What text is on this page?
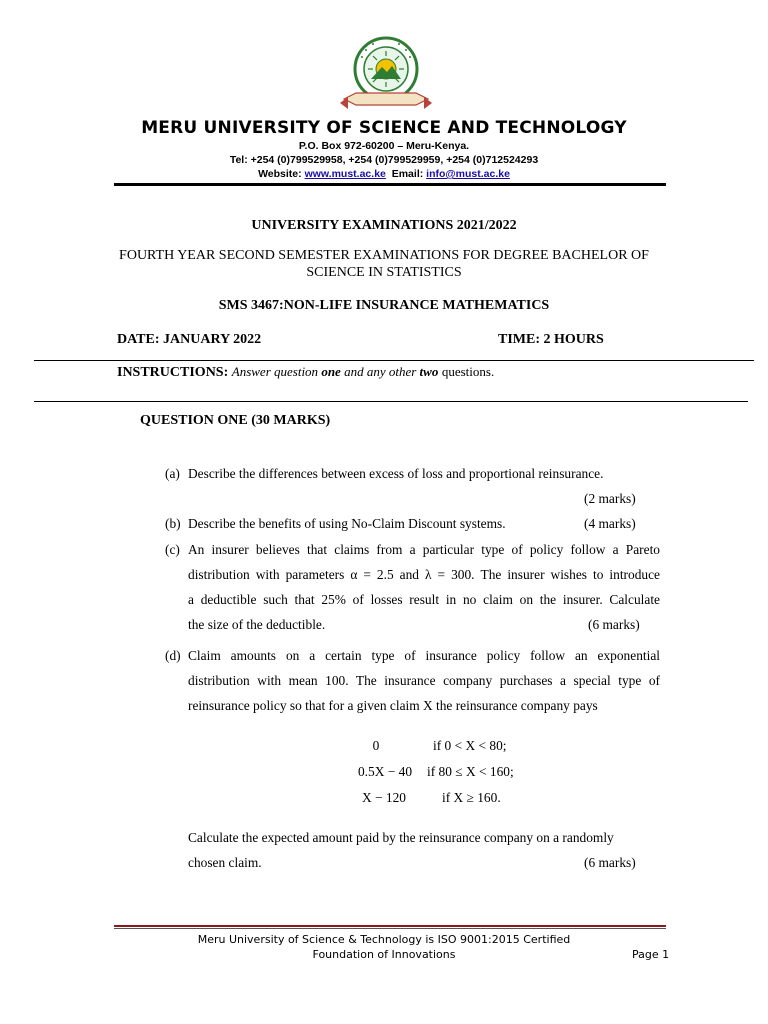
MERU UNIVERSITY OF SCIENCE AND TECHNOLOGY
P.O. Box 972-60200 – Meru-Kenya.
Tel: +254 (0)799529958, +254 (0)799529959, +254 (0)712524293
Website: www.must.ac.ke Email: info@must.ac.ke
UNIVERSITY EXAMINATIONS 2021/2022
FOURTH YEAR SECOND SEMESTER EXAMINATIONS FOR DEGREE BACHELOR OF
SCIENCE IN STATISTICS
SMS 3467:NON-LIFE INSURANCE MATHEMATICS
DATE: JANUARY 2022	TIME: 2 HOURS
INSTRUCTIONS: Answer question one and any other two questions.
QUESTION ONE (30 MARKS)
(a) Describe the differences between excess of loss and proportional reinsurance.
(2 marks)
(b) Describe the benefits of using No-Claim Discount systems.	(4 marks)
(c) An insurer believes that claims from a particular type of policy follow a Pareto
distribution with parameters α = 2.5 and λ = 300. The insurer wishes to introduce
a deductible such that 25% of losses result in no claim on the insurer. Calculate
the size of the deductible.	(6 marks)
(d) Claim amounts on a certain type of insurance policy follow an exponential
distribution with mean 100. The insurance company purchases a special type of
reinsurance policy so that for a given claim X the reinsurance company pays
0	if 0 < X < 80;
0.5X − 40	if 80 ≤ X < 160;
X − 120	if X ≥ 160.
Calculate the expected amount paid by the reinsurance company on a randomly
chosen claim.	(6 marks)
Meru University of Science & Technology is ISO 9001:2015 Certified
Foundation of Innovations	Page 1
